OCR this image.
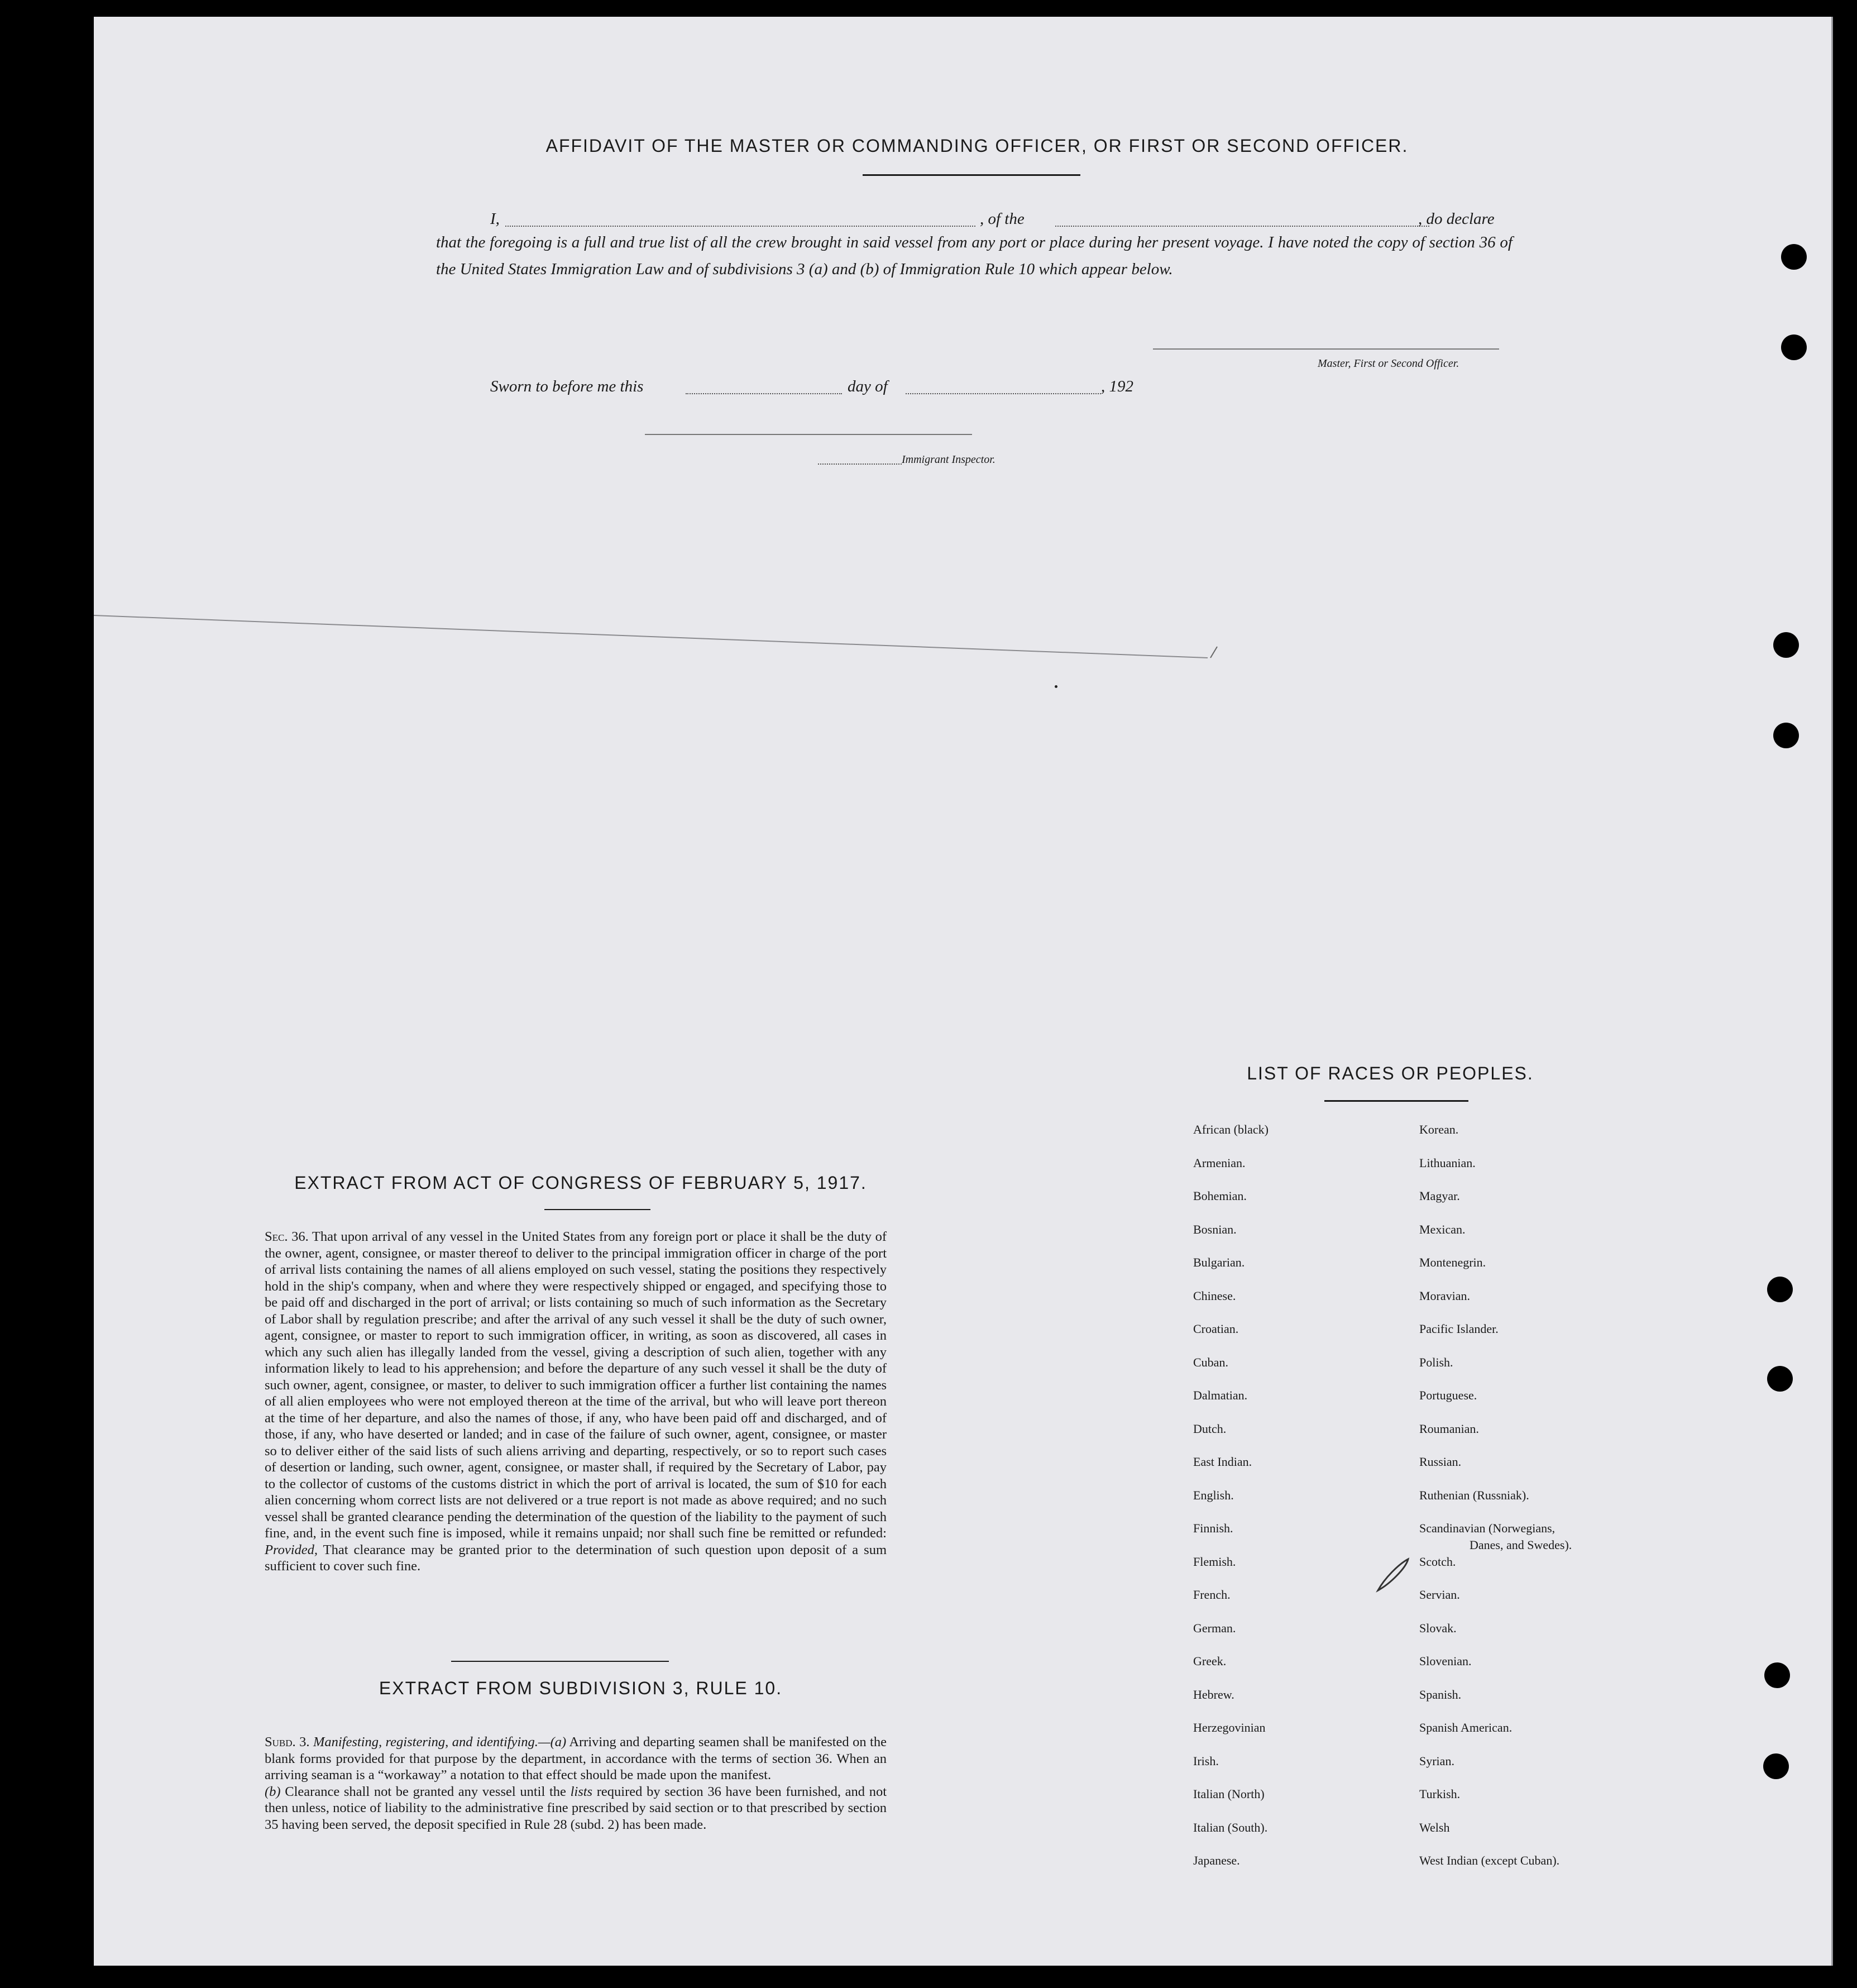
AFFIDAVIT OF THE MASTER OR COMMANDING OFFICER, OR FIRST OR SECOND OFFICER.
I,	, of the	, do declare
that the foregoing is a full and true list of all the crew brought in said vessel from any port or place during her present voyage. I have noted the copy of section 36 of the United States Immigration Law and of subdivisions 3 (a) and (b) of Immigration Rule 10 which appear below.
Master, First or Second Officer.
Sworn to before me this	day of	, 192
Immigrant Inspector.
LIST OF RACES OR PEOPLES.
African (black)
Armenian.
Bohemian.
Bosnian.
Bulgarian.
Chinese.
Croatian.
Cuban.
Dalmatian.
Dutch.
East Indian.
English.
Finnish.
Flemish.
French.
German.
Greek.
Hebrew.
Herzegovinian
Irish.
Italian (North)
Italian (South).
Japanese.
Korean.
Lithuanian.
Magyar.
Mexican.
Montenegrin.
Moravian.
Pacific Islander.
Polish.
Portuguese.
Roumanian.
Russian.
Ruthenian (Russniak).
Scandinavian (Norwegians,
Danes, and Swedes).
Scotch.
Servian.
Slovak.
Slovenian.
Spanish.
Spanish American.
Syrian.
Turkish.
Welsh
West Indian (except Cuban).
EXTRACT FROM ACT OF CONGRESS OF FEBRUARY 5, 1917.

Sec. 36. That upon arrival of any vessel in the United States from any foreign port or place it shall be the duty of the owner, agent, consignee, or master thereof to deliver to the principal immigration officer in charge of the port of arrival lists containing the names of all aliens employed on such vessel, stating the positions they respectively hold in the ship's company, when and where they were respectively shipped or engaged, and specifying those to be paid off and discharged in the port of arrival; or lists containing so much of such information as the Secretary of Labor shall by regulation prescribe; and after the arrival of any such vessel it shall be the duty of such owner, agent, consignee, or master to report to such immigration officer, in writing, as soon as discovered, all cases in which any such alien has illegally landed from the vessel, giving a description of such alien, together with any information likely to lead to his apprehension; and before the departure of any such vessel it shall be the duty of such owner, agent, consignee, or master, to deliver to such immigration officer a further list containing the names of all alien employees who were not employed thereon at the time of the arrival, but who will leave port thereon at the time of her departure, and also the names of those, if any, who have been paid off and discharged, and of those, if any, who have deserted or landed; and in case of the failure of such owner, agent, consignee, or master so to deliver either of the said lists of such aliens arriving and departing, respectively, or so to report such cases of desertion or landing, such owner, agent, consignee, or master shall, if required by the Secretary of Labor, pay to the collector of customs of the customs district in which the port of arrival is located, the sum of $10 for each alien concerning whom correct lists are not delivered or a true report is not made as above required; and no such vessel shall be granted clearance pending the determination of the question of the liability to the payment of such fine, and, in the event such fine is imposed, while it remains unpaid; nor shall such fine be remitted or refunded: Provided, That clearance may be granted prior to the determination of such question upon deposit of a sum sufficient to cover such fine.

EXTRACT FROM SUBDIVISION 3, RULE 10.

Subd. 3. Manifesting, registering, and identifying.—(a) Arriving and departing seamen shall be manifested on the blank forms provided for that purpose by the department, in accordance with the terms of section 36. When an arriving seaman is a “workaway” a notation to that effect should be made upon the manifest.

(b) Clearance shall not be granted any vessel until the lists required by section 36 have been furnished, and not then unless, notice of liability to the administrative fine prescribed by said section or to that prescribed by section 35 having been served, the deposit specified in Rule 28 (subd. 2) has been made.
